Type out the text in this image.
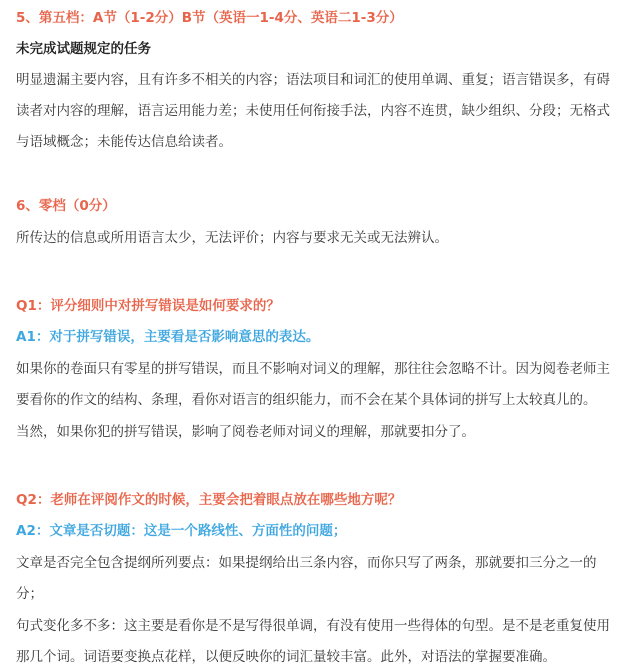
5、第五档：A节（1-2分）B节（英语一1-4分、英语二1-3分）
未完成试题规定的任务
明显遗漏主要内容，且有许多不相关的内容；语法项目和词汇的使用单调、重复；语言错误多，有碍
读者对内容的理解，语言运用能力差；未使用任何衔接手法，内容不连贯，缺少组织、分段；无格式
与语域概念；未能传达信息给读者。
6、零档（0分）
所传达的信息或所用语言太少，无法评价；内容与要求无关或无法辨认。
Q1：评分细则中对拼写错误是如何要求的？
A1：对于拼写错误，主要看是否影响意思的表达。
如果你的卷面只有零星的拼写错误，而且不影响对词义的理解，那往往会忽略不计。因为阅卷老师主
要看你的作文的结构、条理，看你对语言的组织能力，而不会在某个具体词的拼写上太较真儿的。
当然，如果你犯的拼写错误，影响了阅卷老师对词义的理解，那就要扣分了。
Q2：老师在评阅作文的时候，主要会把着眼点放在哪些地方呢？
A2：文章是否切题：这是一个路线性、方面性的问题；
文章是否完全包含提纲所列要点：如果提纲给出三条内容，而你只写了两条，那就要扣三分之一的
分；
句式变化多不多：这主要是看你是不是写得很单调，有没有使用一些得体的句型。是不是老重复使用
那几个词。词语要变换点花样，以便反映你的词汇量较丰富。此外，对语法的掌握要准确。
